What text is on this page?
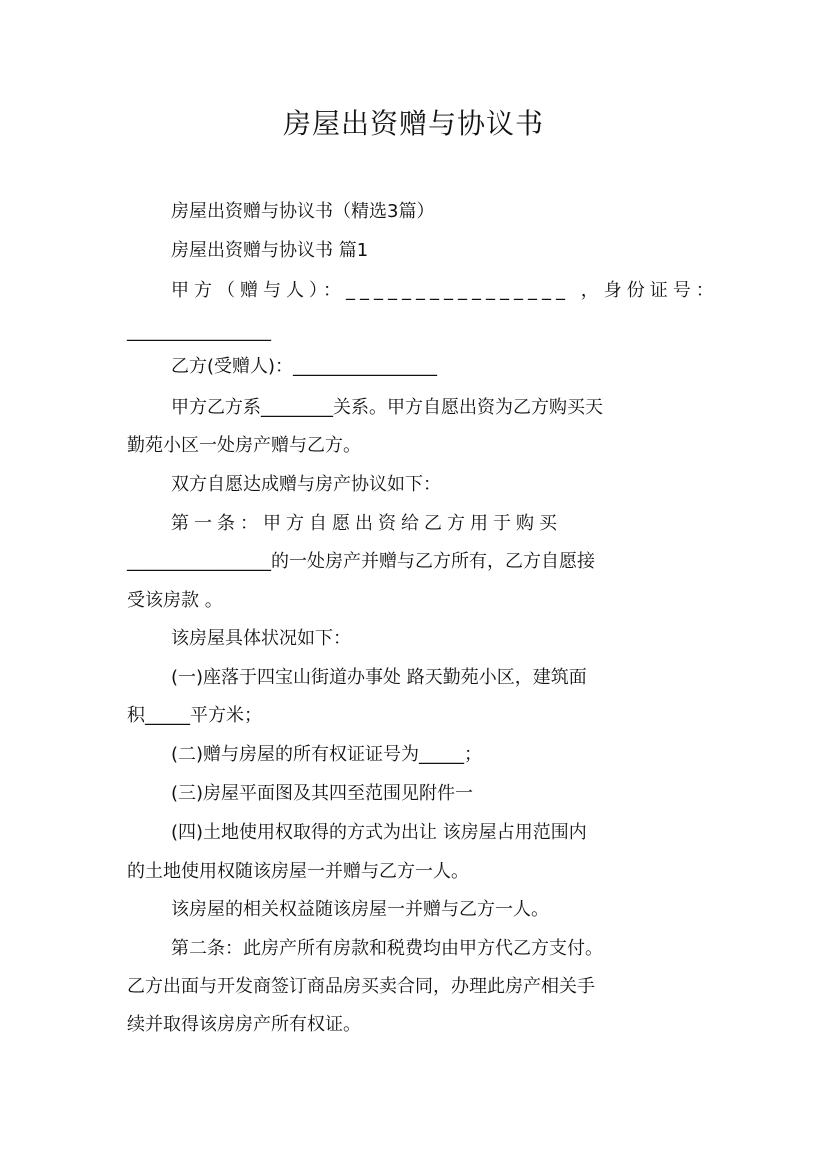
房屋出资赠与协议书
房屋出资赠与协议书（精选3篇）
房屋出资赠与协议书 篇1
甲方（赠与人）：________________ ，身份证号：
________________
乙方(受赠人)：________________
甲方乙方系________关系。甲方自愿出资为乙方购买天
勤苑小区一处房产赠与乙方。
双方自愿达成赠与房产协议如下：
第一条：甲方自愿出资给乙方用于购买
________________的一处房产并赠与乙方所有，乙方自愿接
受该房款 。
该房屋具体状况如下：
(一)座落于四宝山街道办事处 路天勤苑小区，建筑面
积_____平方米；
(二)赠与房屋的所有权证证号为_____；
(三)房屋平面图及其四至范围见附件一
(四)土地使用权取得的方式为出让 该房屋占用范围内
的土地使用权随该房屋一并赠与乙方一人。
该房屋的相关权益随该房屋一并赠与乙方一人。
第二条：此房产所有房款和税费均由甲方代乙方支付。
乙方出面与开发商签订商品房买卖合同，办理此房产相关手
续并取得该房房产所有权证。
